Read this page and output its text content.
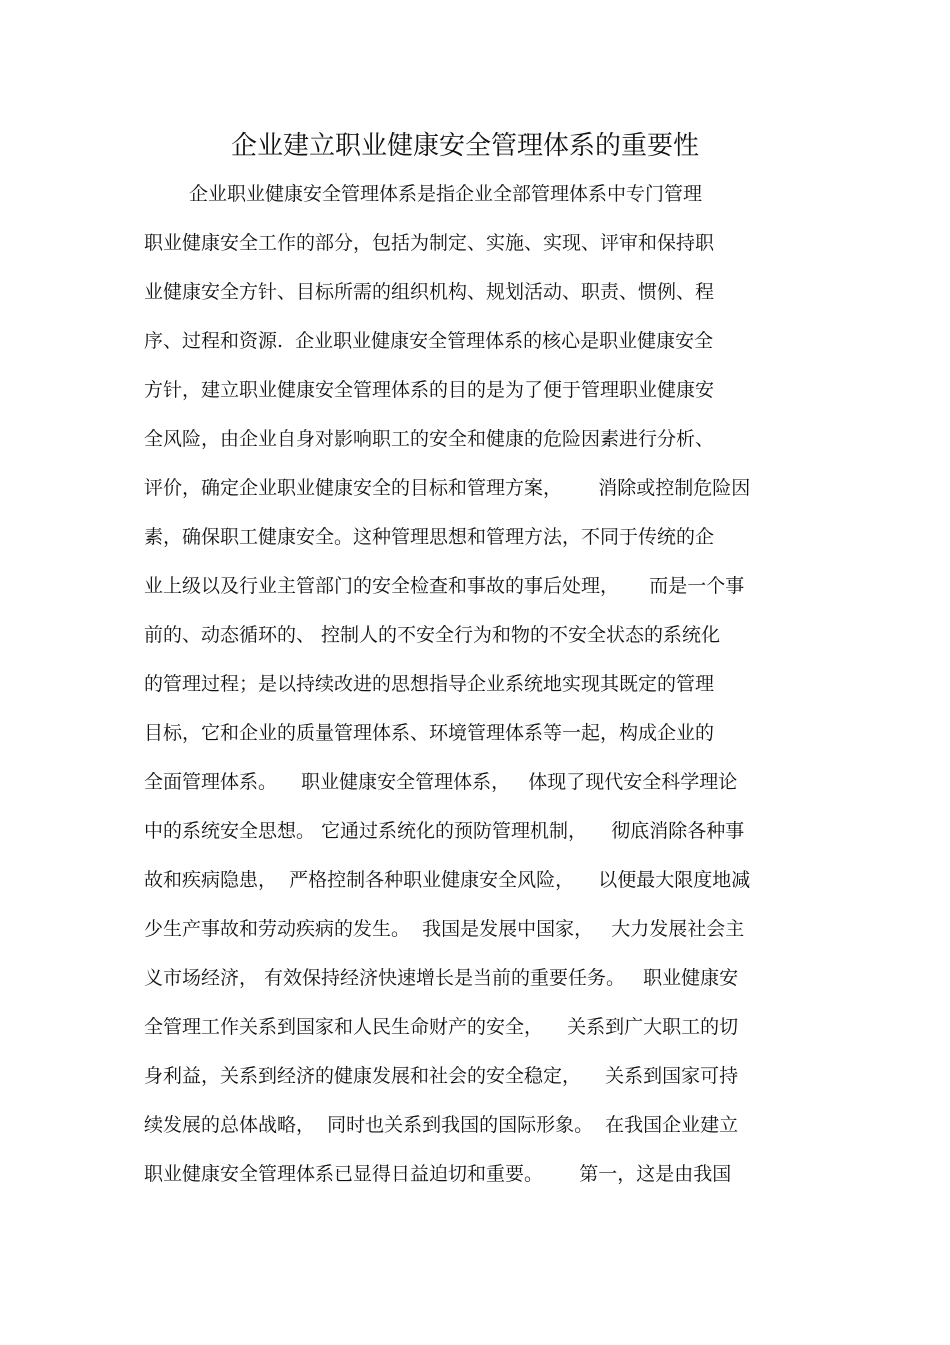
企业建立职业健康安全管理体系的重要性
企业职业健康安全管理体系是指企业全部管理体系中专门管理
职业健康安全工作的部分，包括为制定、实施、实现、评审和保持职
业健康安全方针、目标所需的组织机构、规划活动、职责、惯例、程
序、过程和资源.  企业职业健康安全管理体系的核心是职业健康安全
方针，建立职业健康安全管理体系的目的是为了便于管理职业健康安
全风险，由企业自身对影响职工的安全和健康的危险因素进行分析、
评价，确定企业职业健康安全的目标和管理方案，      消除或控制危险因
素，确保职工健康安全。这种管理思想和管理方法，不同于传统的企
业上级以及行业主管部门的安全检查和事故的事后处理，     而是一个事
前的、动态循环的、 控制人的不安全行为和物的不安全状态的系统化
的管理过程；是以持续改进的思想指导企业系统地实现其既定的管理
目标，它和企业的质量管理体系、环境管理体系等一起，构成企业的
全面管理体系。    职业健康安全管理体系，   体现了现代安全科学理论
中的系统安全思想。 它通过系统化的预防管理机制，    彻底消除各种事
故和疾病隐患，  严格控制各种职业健康安全风险，    以便最大限度地减
少生产事故和劳动疾病的发生。  我国是发展中国家，   大力发展社会主
义市场经济， 有效保持经济快速增长是当前的重要任务。   职业健康安
全管理工作关系到国家和人民生命财产的安全，    关系到广大职工的切
身利益，关系到经济的健康发展和社会的安全稳定，    关系到国家可持
续发展的总体战略，  同时也关系到我国的国际形象。  在我国企业建立
职业健康安全管理体系已显得日益迫切和重要。      第一，这是由我国
